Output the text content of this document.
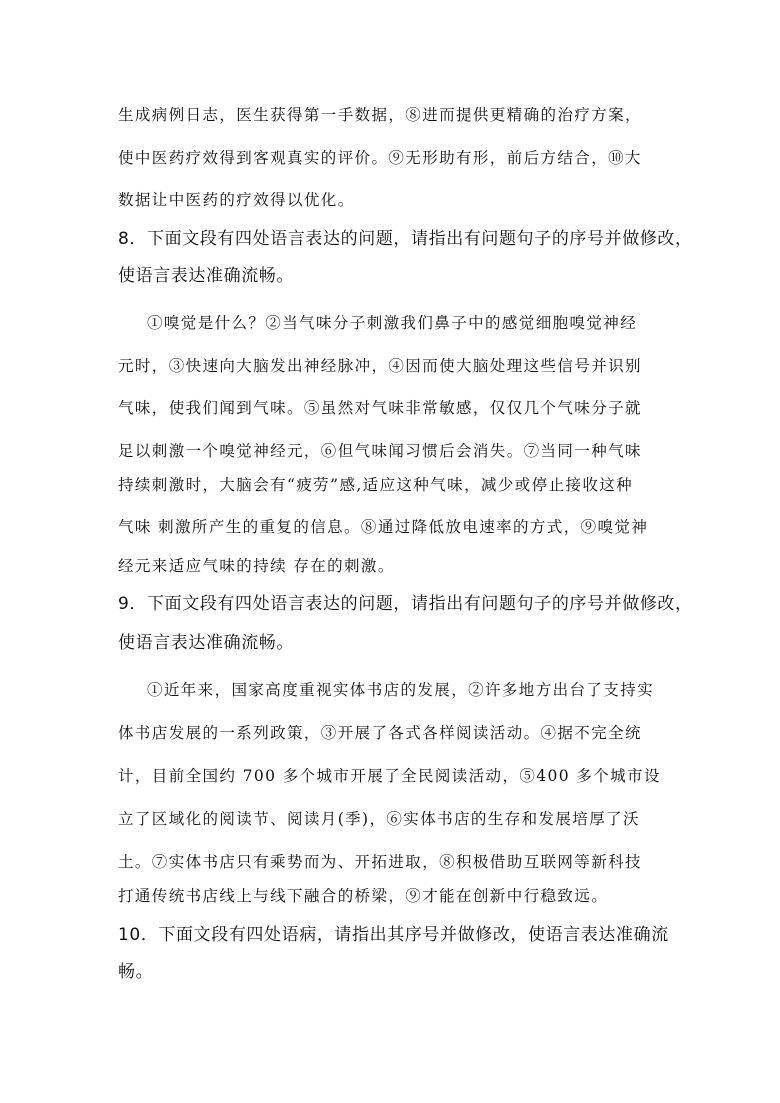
生成病例日志，医生获得第一手数据，⑧进而提供更精确的治疗方案，
使中医药疗效得到客观真实的评价。⑨无形助有形，前后方结合，⑩大
数据让中医药的疗效得以优化。
8．下面文段有四处语言表达的问题，请指出有问题句子的序号并做修改，
使语言表达准确流畅。
①嗅觉是什么？②当气味分子刺激我们鼻子中的感觉细胞嗅觉神经
元时，③快速向大脑发出神经脉冲，④因而使大脑处理这些信号并识别
气味，使我们闻到气味。⑤虽然对气味非常敏感，仅仅几个气味分子就
足以刺激一个嗅觉神经元，⑥但气味闻习惯后会消失。⑦当同一种气味
持续刺激时，大脑会有“疲劳”感,适应这种气味，减少或停止接收这种
气味 刺激所产生的重复的信息。⑧通过降低放电速率的方式，⑨嗅觉神
经元来适应气味的持续 存在的刺激。
9．下面文段有四处语言表达的问题，请指出有问题句子的序号并做修改，
使语言表达准确流畅。
①近年来，国家高度重视实体书店的发展，②许多地方出台了支持实
体书店发展的一系列政策，③开展了各式各样阅读活动。④据不完全统
计，目前全国约 700 多个城市开展了全民阅读活动，⑤400 多个城市设
立了区域化的阅读节、阅读月(季)，⑥实体书店的生存和发展培厚了沃
土。⑦实体书店只有乘势而为、开拓进取，⑧积极借助互联网等新科技
打通传统书店线上与线下融合的桥梁，⑨才能在创新中行稳致远。
10．下面文段有四处语病，请指出其序号并做修改，使语言表达准确流
畅。
